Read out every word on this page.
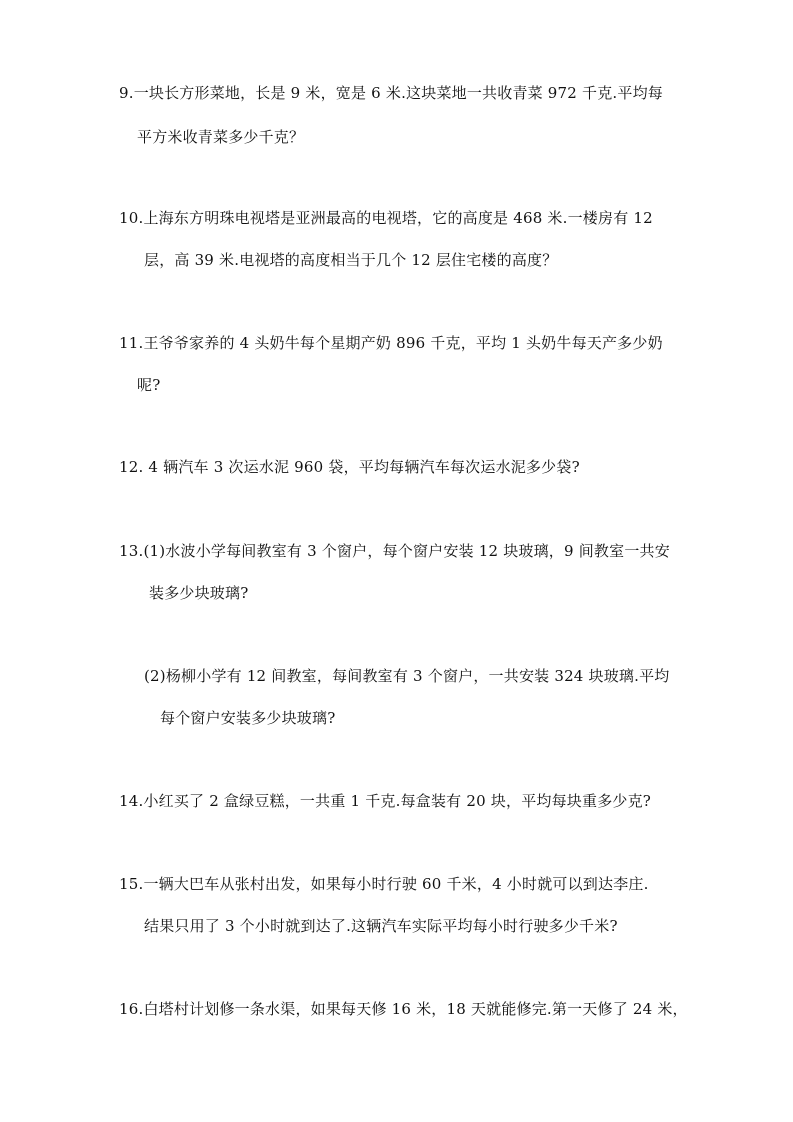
9.一块长方形菜地，长是 9 米，宽是 6 米.这块菜地一共收青菜 972 千克.平均每
平方米收青菜多少千克？
10.上海东方明珠电视塔是亚洲最高的电视塔，它的高度是 468 米.一楼房有 12
层，高 39 米.电视塔的高度相当于几个 12 层住宅楼的高度？
11.王爷爷家养的 4 头奶牛每个星期产奶 896 千克，平均 1 头奶牛每天产多少奶
呢?
12. 4 辆汽车 3 次运水泥 960 袋，平均每辆汽车每次运水泥多少袋?
13.(1)水波小学每间教室有 3 个窗户，每个窗户安装 12 块玻璃，9 间教室一共安
装多少块玻璃?
(2)杨柳小学有 12 间教室，每间教室有 3 个窗户，一共安装 324 块玻璃.平均
每个窗户安装多少块玻璃?
14.小红买了 2 盒绿豆糕，一共重 1 千克.每盒装有 20 块，平均每块重多少克?
15.一辆大巴车从张村出发，如果每小时行驶 60 千米，4 小时就可以到达李庄.
结果只用了 3 个小时就到达了.这辆汽车实际平均每小时行驶多少千米?
16.白塔村计划修一条水渠，如果每天修 16 米，18 天就能修完.第一天修了 24 米，
